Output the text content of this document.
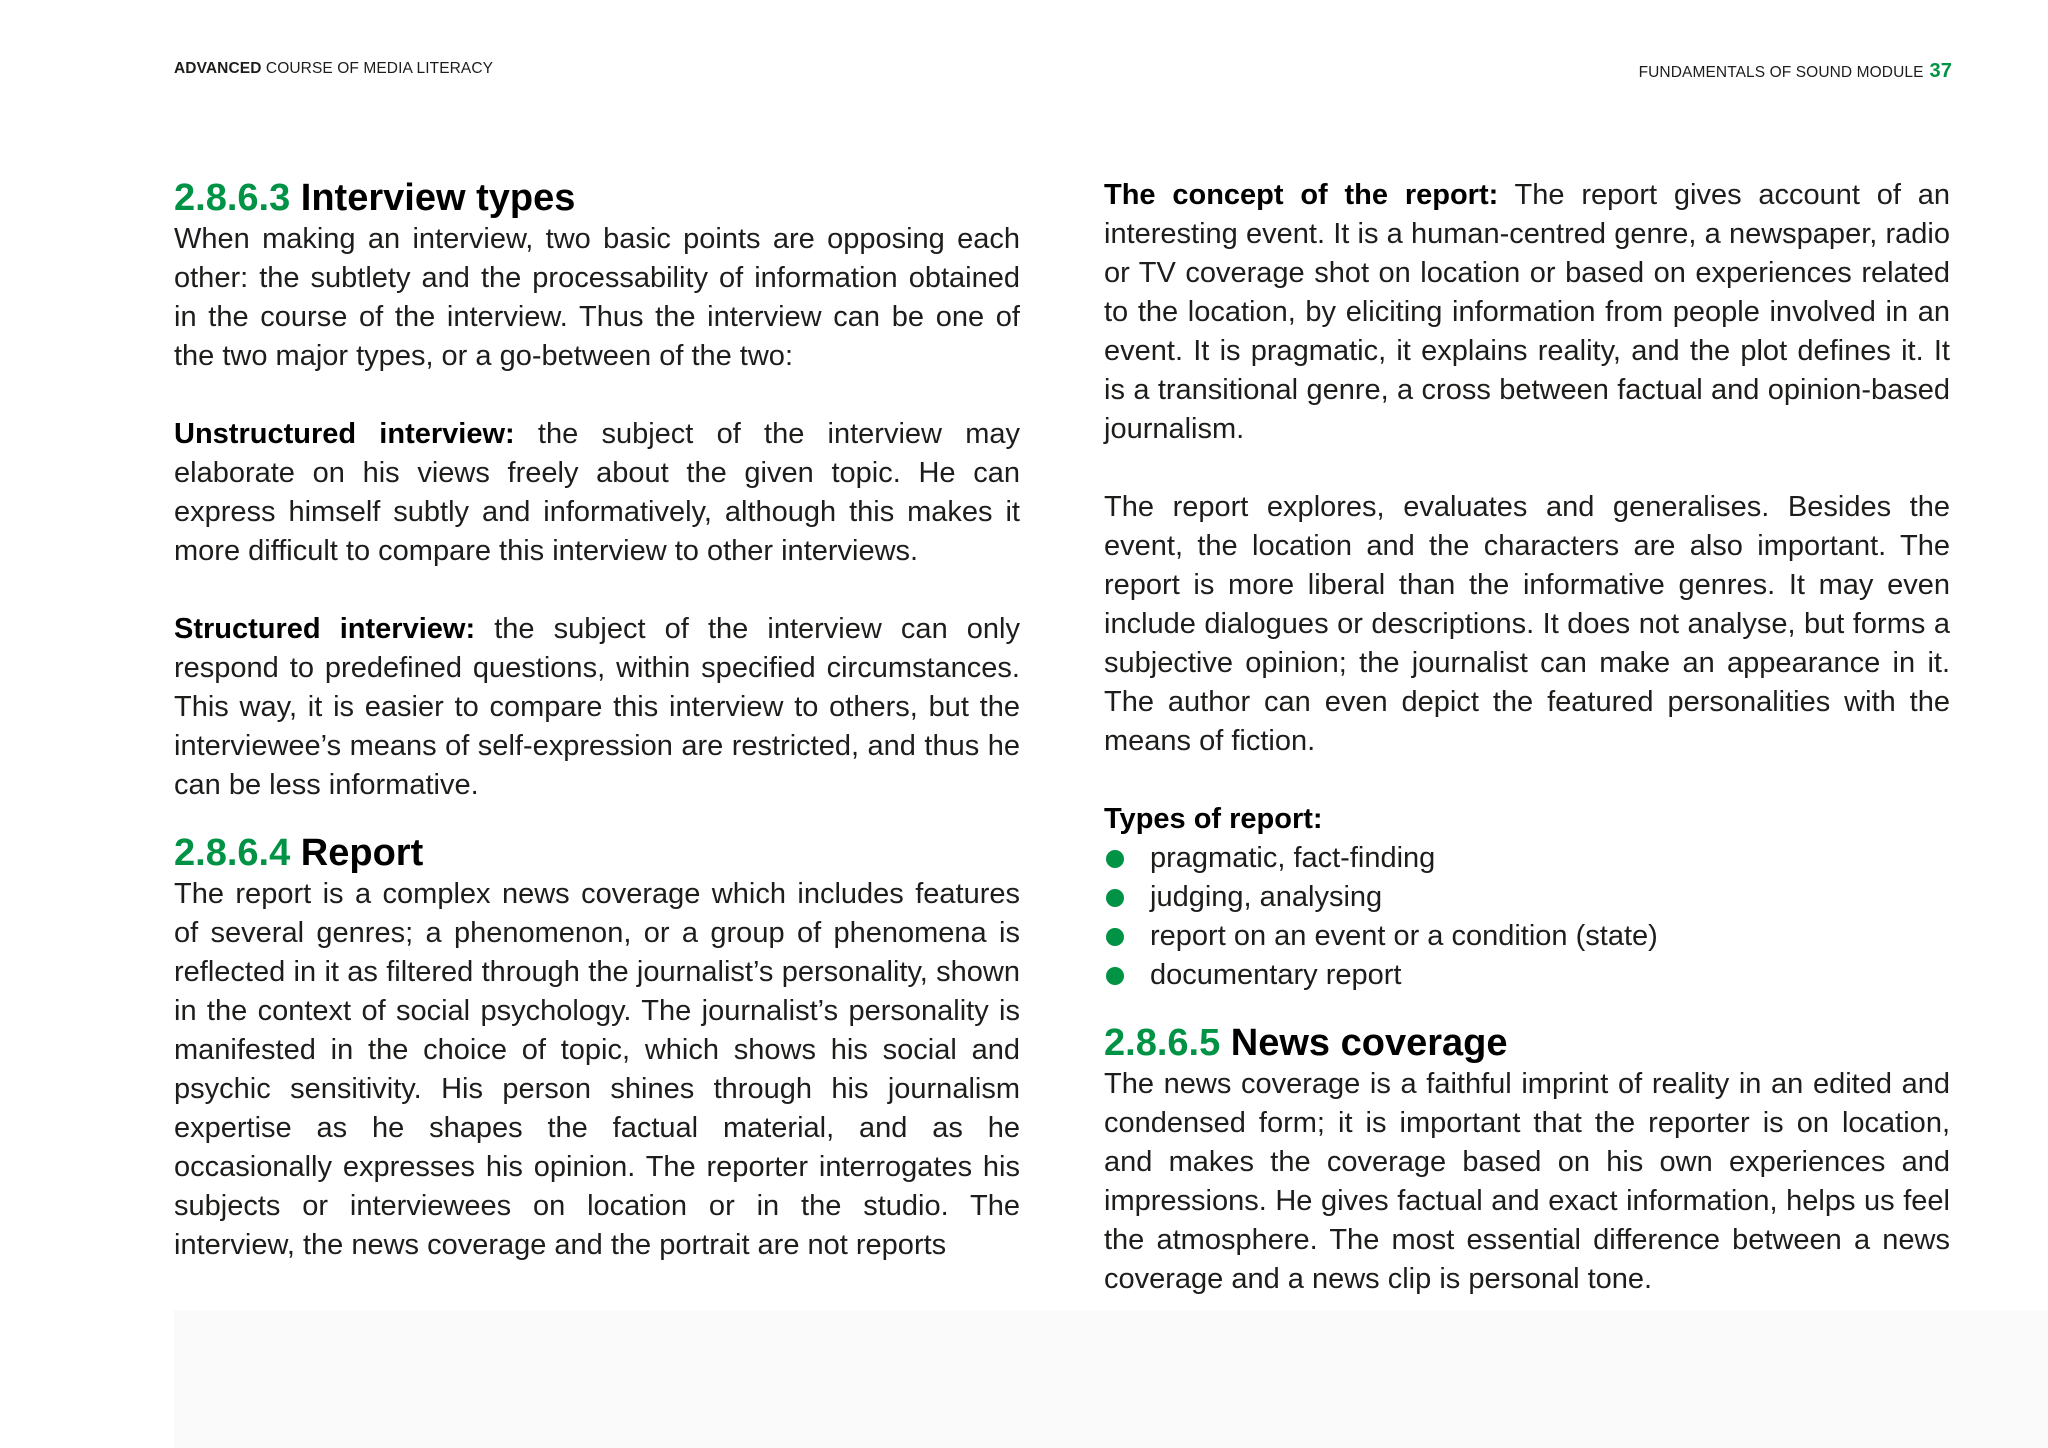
ADVANCED COURSE OF MEDIA LITERACY	FUNDAMENTALS OF SOUND MODULE 37
2.8.6.3 Interview types

When making an interview, two basic points are opposing each other: the subtlety and the processability of information obtained in the course of the interview. Thus the interview can be one of the two major types, or a go-between of the two:

Unstructured interview: the subject of the interview may elaborate on his views freely about the given topic. He can express himself subtly and informatively, although this makes it more difficult to compare this interview to other interviews.

Structured interview: the subject of the interview can only respond to predefined questions, within specified circumstances. This way, it is easier to compare this interview to others, but the interviewee’s means of self-expression are restricted, and thus he can be less informative.

2.8.6.4 Report

The report is a complex news coverage which includes features of several genres; a phenomenon, or a group of phenomena is reflected in it as filtered through the journalist’s personality, shown in the context of social psychology. The journalist’s personality is manifested in the choice of topic, which shows his social and psychic sensitivity. His person shines through his journalism expertise as he shapes the factual material, and as he occasionally expresses his opinion. The reporter interrogates his subjects or interviewees on location or in the studio. The interview, the news coverage and the portrait are not reports

The concept of the report: The report gives account of an interesting event. It is a human-centred genre, a newspaper, radio or TV coverage shot on location or based on experiences related to the location, by eliciting information from people involved in an event. It is pragmatic, it explains reality, and the plot defines it. It is a transitional genre, a cross between factual and opinion-based journalism.

The report explores, evaluates and generalises. Besides the event, the location and the characters are also important. The report is more liberal than the informative genres. It may even include dialogues or descriptions. It does not analyse, but forms a subjective opinion; the journalist can make an appearance in it. The author can even depict the featured personalities with the means of fiction.

Types of report:

pragmatic, fact-finding
judging, analysing
report on an event or a condition (state)
documentary report
2.8.6.5 News coverage

The news coverage is a faithful imprint of reality in an edited and condensed form; it is important that the reporter is on location, and makes the coverage based on his own experiences and impressions. He gives factual and exact information, helps us feel the atmosphere. The most essential difference between a news coverage and a news clip is personal tone.
